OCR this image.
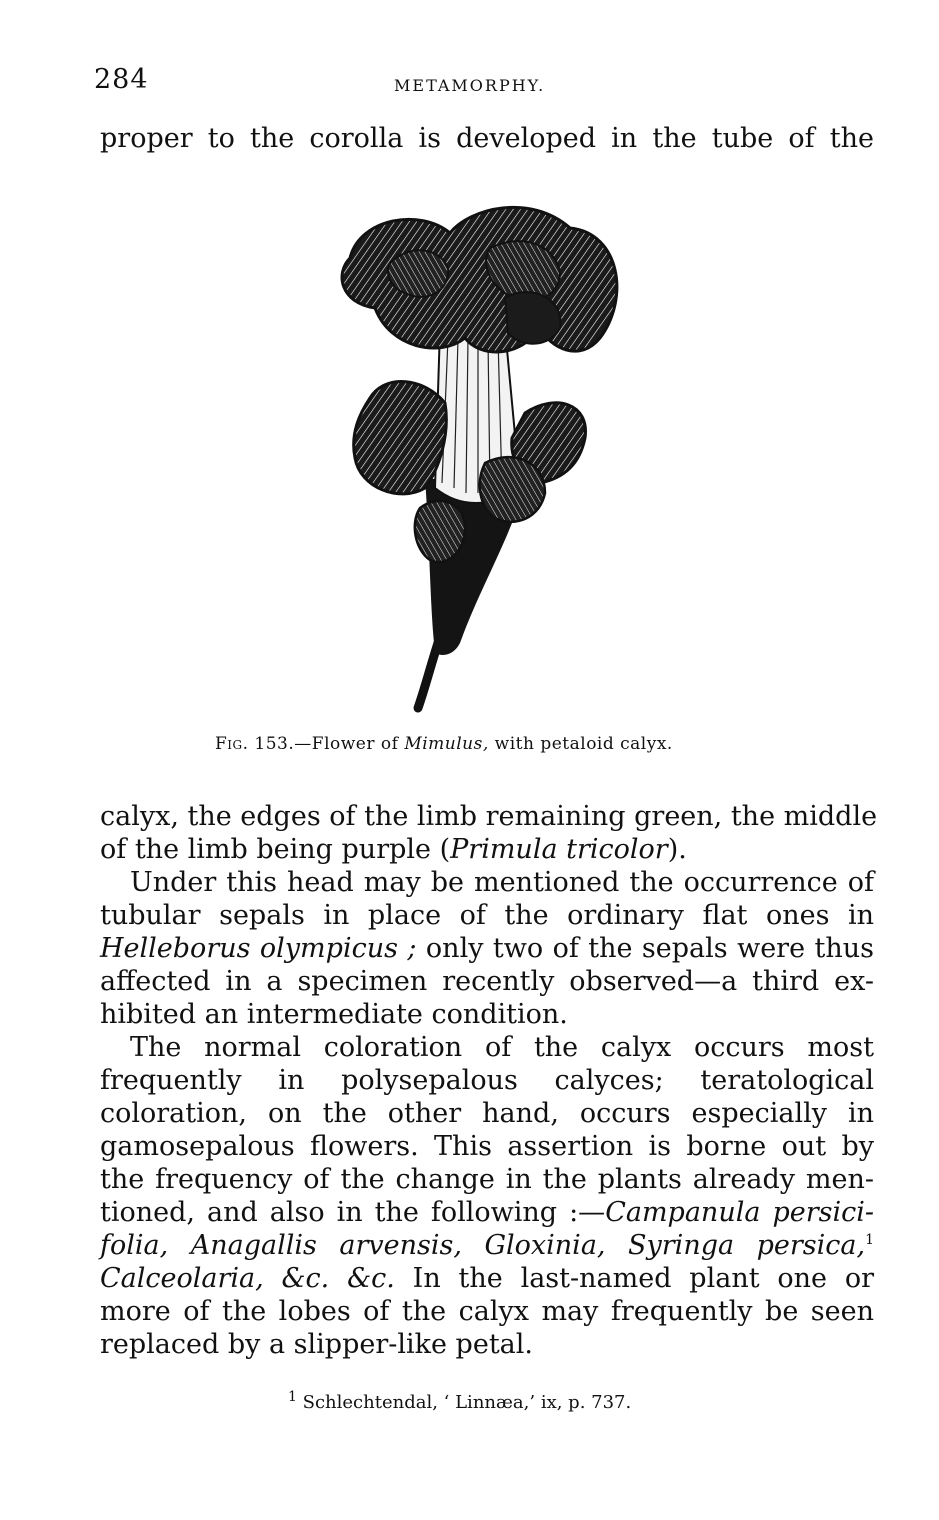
284	METAMORPHY.
proper to the corolla is developed in the tube of the
Fig. 153.—Flower of Mimulus, with petaloid calyx.
calyx, the edges of the limb remaining green, the middle
of the limb being purple (Primula tricolor).
Under this head may be mentioned the occurrence of
tubular sepals in place of the ordinary flat ones in
Helleborus olympicus ; only two of the sepals were thus
affected in a specimen recently observed—a third ex-
hibited an intermediate condition.
The normal coloration of the calyx occurs most
frequently in polysepalous calyces; teratological
coloration, on the other hand, occurs especially in
gamosepalous flowers. This assertion is borne out by
the frequency of the change in the plants already men-
tioned, and also in the following :—Campanula persici-
folia, Anagallis arvensis, Gloxinia, Syringa persica,$^1$
Calceolaria, &c. &c. In the last-named plant one or
more of the lobes of the calyx may frequently be seen
replaced by a slipper-like petal.
$^1$ Schlechtendal, ‘ Linnæa,’ ix, p. 737.
